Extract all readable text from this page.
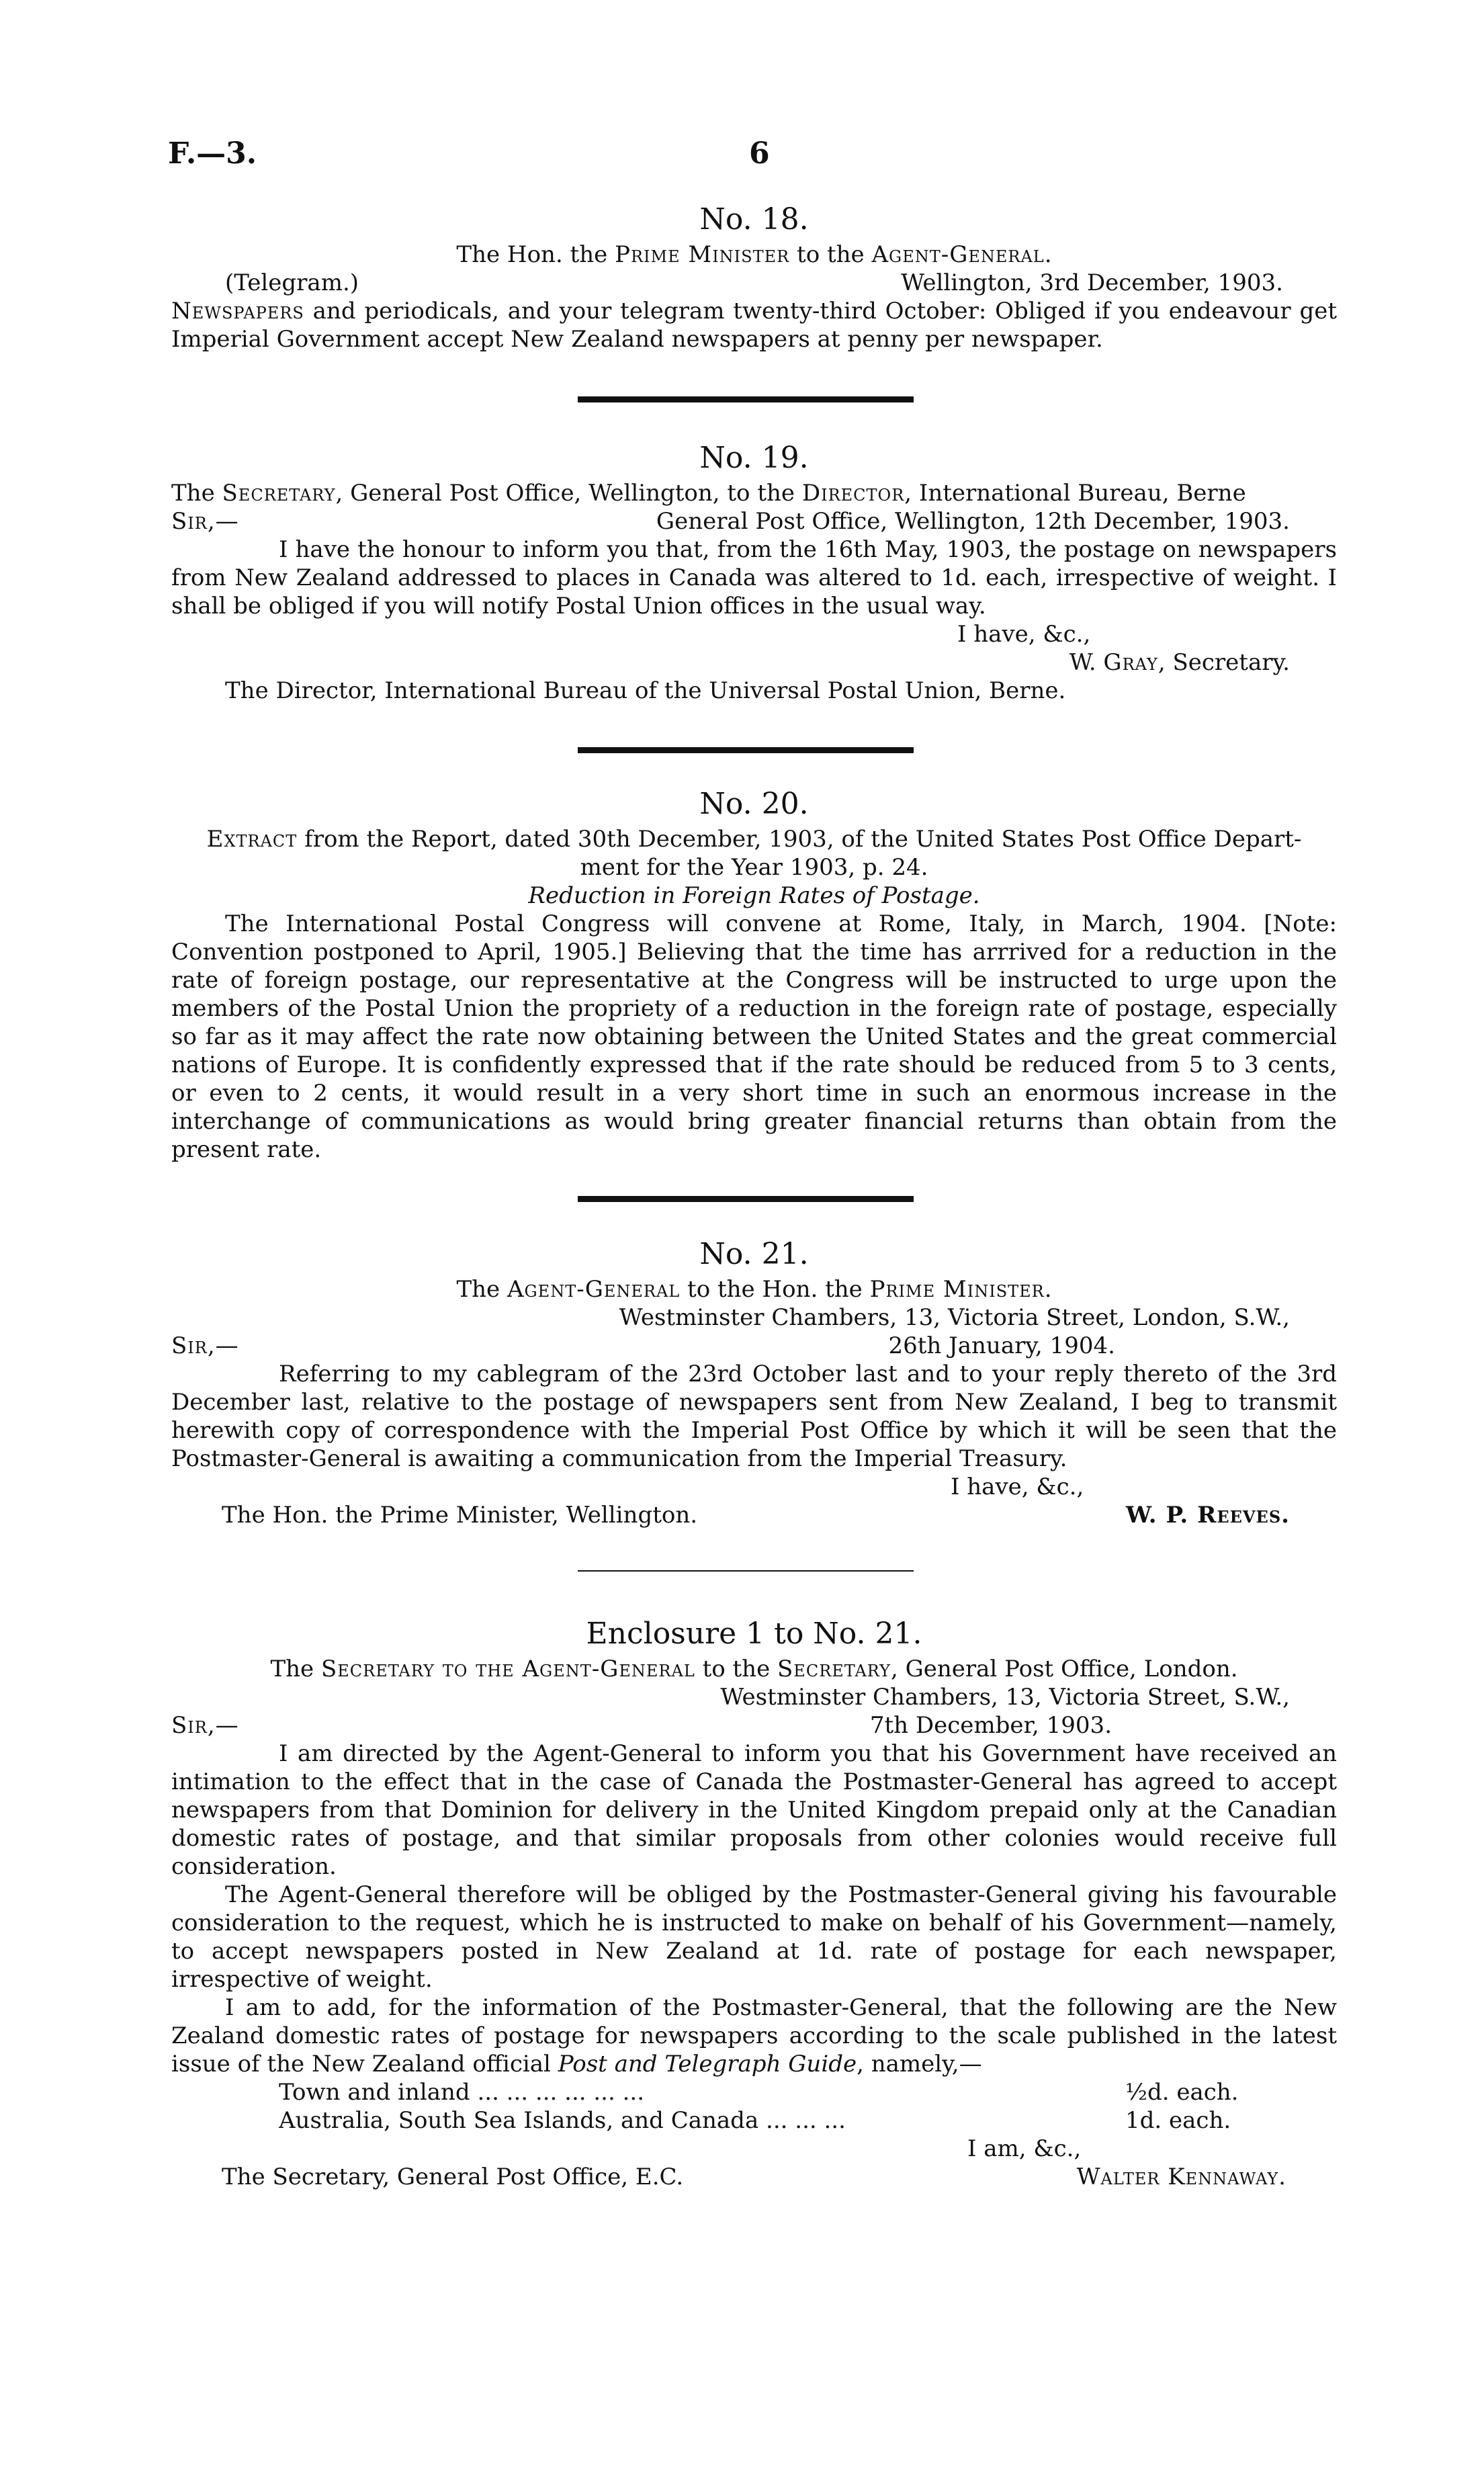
F.—3.	6
No. 18.
The Hon. the Prime Minister to the Agent-General.
(Telegram.)	Wellington, 3rd December, 1903.

Newspapers and periodicals, and your telegram twenty-third October: Obliged if you endeavour get Imperial Government accept New Zealand newspapers at penny per newspaper.

No. 19.
The Secretary, General Post Office, Wellington, to the Director, International Bureau, Berne
Sir,—	General Post Office, Wellington, 12th December, 1903.

I have the honour to inform you that, from the 16th May, 1903, the postage on newspapers from New Zealand addressed to places in Canada was altered to 1d. each, irrespective of weight. I shall be obliged if you will notify Postal Union offices in the usual way.

I have, &c.,
W. Gray, Secretary.
The Director, International Bureau of the Universal Postal Union, Berne.
No. 20.
Extract from the Report, dated 30th December, 1903, of the United States Post Office Depart-
ment for the Year 1903, p. 24.
Reduction in Foreign Rates of Postage.

The International Postal Congress will convene at Rome, Italy, in March, 1904. [Note: Convention postponed to April, 1905.] Believing that the time has arrrived for a reduction in the rate of foreign postage, our representative at the Congress will be instructed to urge upon the members of the Postal Union the propriety of a reduction in the foreign rate of postage, especially so far as it may affect the rate now obtaining between the United States and the great commercial nations of Europe. It is confidently expressed that if the rate should be reduced from 5 to 3 cents, or even to 2 cents, it would result in a very short time in such an enormous increase in the interchange of communications as would bring greater financial returns than obtain from the present rate.

No. 21.
The Agent-General to the Hon. the Prime Minister.
Westminster Chambers, 13, Victoria Street, London, S.W.,
Sir,—	26th January, 1904.

Referring to my cablegram of the 23rd October last and to your reply thereto of the 3rd December last, relative to the postage of newspapers sent from New Zealand, I beg to transmit herewith copy of correspondence with the Imperial Post Office by which it will be seen that the Postmaster-General is awaiting a communication from the Imperial Treasury.

I have, &c.,
The Hon. the Prime Minister, Wellington.	W. P. Reeves.
Enclosure 1 to No. 21.
The Secretary to the Agent-General to the Secretary, General Post Office, London.
Westminster Chambers, 13, Victoria Street, S.W.,
Sir,—	7th December, 1903.

I am directed by the Agent-General to inform you that his Government have received an intimation to the effect that in the case of Canada the Postmaster-General has agreed to accept newspapers from that Dominion for delivery in the United Kingdom prepaid only at the Canadian domestic rates of postage, and that similar proposals from other colonies would receive full consideration.

The Agent-General therefore will be obliged by the Postmaster-General giving his favourable consideration to the request, which he is instructed to make on behalf of his Government—namely, to accept newspapers posted in New Zealand at 1d. rate of postage for each newspaper, irrespective of weight.

I am to add, for the information of the Postmaster-General, that the following are the New Zealand domestic rates of postage for newspapers according to the scale published in the latest issue of the New Zealand official Post and Telegraph Guide, namely,—

Town and inland ... ... ... ... ... ...	½d. each.
Australia, South Sea Islands, and Canada ... ... ...	1d. each.
I am, &c.,
The Secretary, General Post Office, E.C.	Walter Kennaway.
